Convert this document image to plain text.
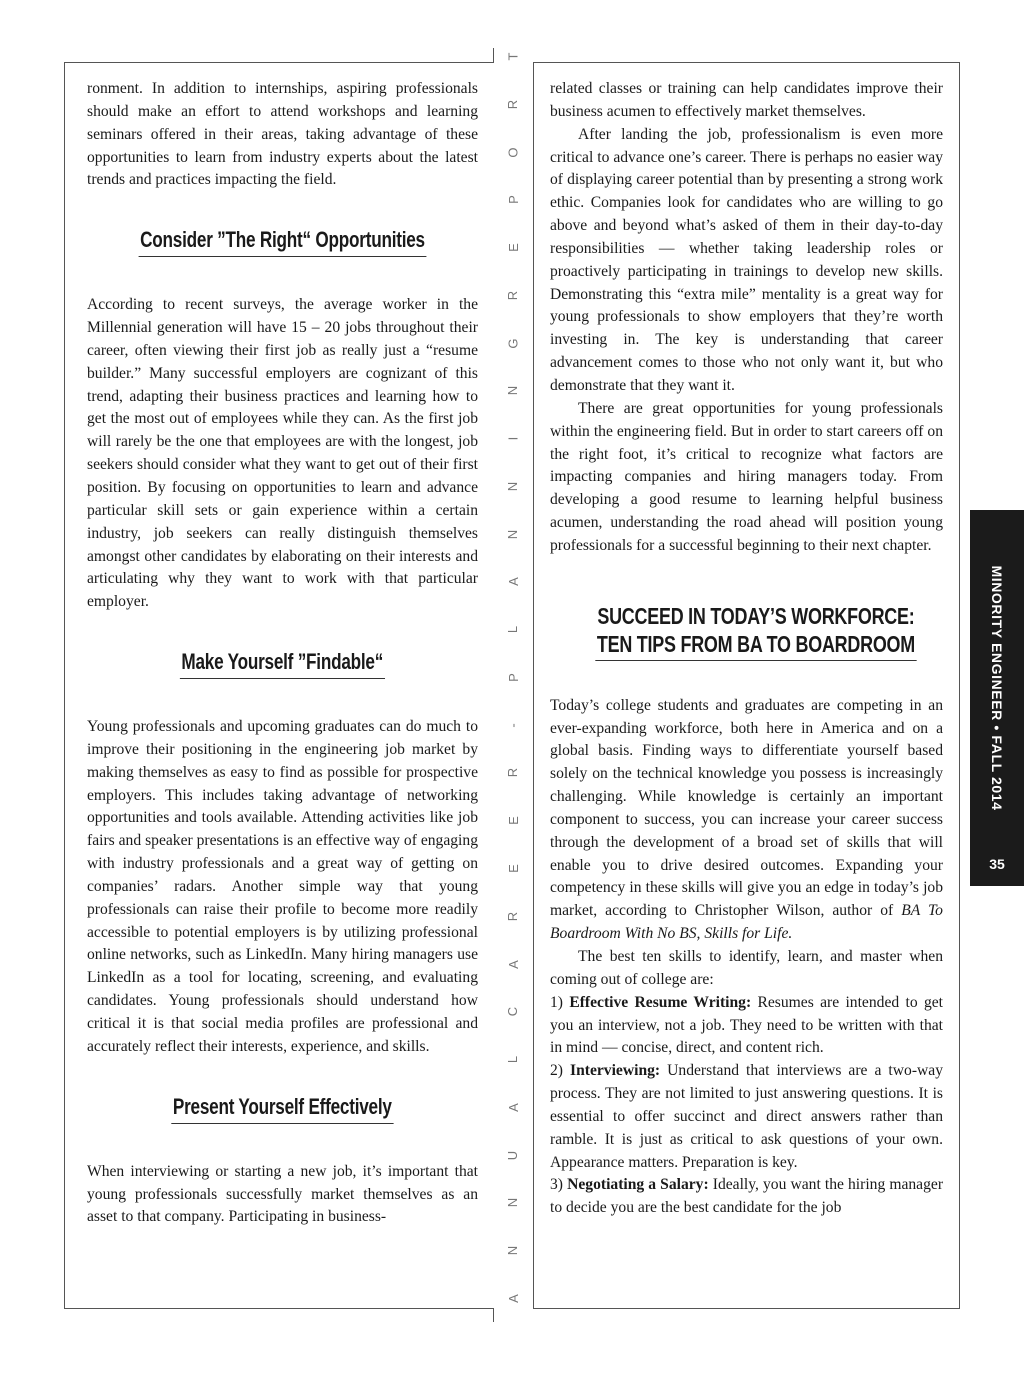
T
R
O
P
E
R
G
N
I
N
N
A
L
P
-
R
E
E
R
A
C
L
A
U
N
N
A

ronment. In addition to internships, aspiring professionals should make an effort to attend workshops and learning seminars offered in their areas, taking advantage of these opportunities to learn from industry experts about the latest trends and practices impacting the field.

Consider ”The Right“ Opportunities

According to recent surveys, the average worker in the Millennial generation will have 15 – 20 jobs throughout their career, often viewing their first job as really just a “resume builder.” Many successful employers are cognizant of this trend, adapting their business practices and learning how to get the most out of employees while they can. As the first job will rarely be the one that employees are with the longest, job seekers should consider what they want to get out of their first position. By focusing on opportunities to learn and advance particular skill sets or gain experience within a certain industry, job seekers can really distinguish themselves amongst other candidates by elaborating on their interests and articulating why they want to work with that particular employer.

Make Yourself ”Findable“

Young professionals and upcoming graduates can do much to improve their positioning in the engineering job market by making themselves as easy to find as possible for prospective employers. This includes taking advantage of networking opportunities and tools available. Attending activities like job fairs and speaker presentations is an effective way of engaging with industry professionals and a great way of getting on companies’ radars. Another simple way that young professionals can raise their profile to become more readily accessible to potential employers is by utilizing professional online networks, such as LinkedIn. Many hiring managers use LinkedIn as a tool for locating, screening, and evaluating candidates. Young professionals should understand how critical it is that social media profiles are professional and accurately reflect their interests, experience, and skills.

Present Yourself Effectively

When interviewing or starting a new job, it’s important that young professionals successfully market themselves as an asset to that company. Participating in business-

related classes or training can help candidates improve their business acumen to effectively market themselves.

After landing the job, professionalism is even more critical to advance one’s career. There is perhaps no easier way of displaying career potential than by presenting a strong work ethic. Companies look for candidates who are willing to go above and beyond what’s asked of them in their day-to-day responsibilities — whether taking leadership roles or proactively participating in trainings to develop new skills. Demonstrating this “extra mile” mentality is a great way for young professionals to show employers that they’re worth investing in. The key is understanding that career advancement comes to those who not only want it, but who demonstrate that they want it.

There are great opportunities for young professionals within the engineering field. But in order to start careers off on the right foot, it’s critical to recognize what factors are impacting companies and hiring managers today. From developing a good resume to learning helpful business acumen, understanding the road ahead will position young professionals for a successful beginning to their next chapter.

SUCCEED IN TODAY’S WORKFORCE:
TEN TIPS FROM BA TO BOARDROOM

Today’s college students and graduates are competing in an ever-expanding workforce, both here in America and on a global basis. Finding ways to differentiate yourself based solely on the technical knowledge you possess is increasingly challenging. While knowledge is certainly an important component to success, you can increase your career success through the development of a broad set of skills that will enable you to drive desired outcomes. Expanding your competency in these skills will give you an edge in today’s job market, according to Christopher Wilson, author of BA To Boardroom With No BS, Skills for Life.

The best ten skills to identify, learn, and master when coming out of college are:

1) Effective Resume Writing: Resumes are intended to get you an interview, not a job. They need to be written with that in mind — concise, direct, and content rich.

2) Interviewing: Understand that interviews are a two-way process. They are not limited to just answering questions. It is essential to offer succinct and direct answers rather than ramble. It is just as critical to ask questions of your own. Appearance matters. Preparation is key.

3) Negotiating a Salary: Ideally, you want the hiring manager to decide you are the best candidate for the job

MINORITY ENGINEER • FALL 2014
35
